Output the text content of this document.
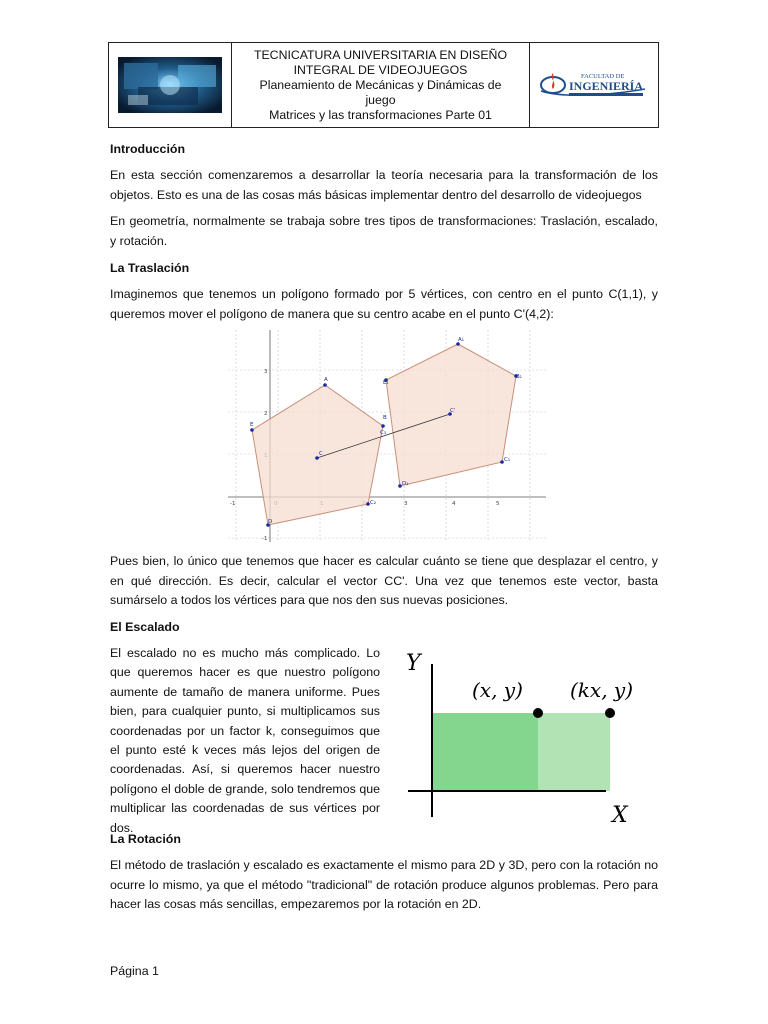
TECNICATURA UNIVERSITARIA EN DISEÑO
INTEGRAL DE VIDEOJUEGOS
Planeamiento de Mecánicas y Dinámicas de
juego
Matrices y las transformaciones Parte 01
FACULTAD DE
INGENIERÍA
Introducción
En esta sección comenzaremos a desarrollar la teoría necesaria para la transformación de los objetos. Esto es una de las cosas más básicas implementar dentro del desarrollo de videojuegos
En geometría, normalmente se trabaja sobre tres tipos de transformaciones: Traslación, escalado, y rotación.
La Traslación
Imaginemos que tenemos un polígono formado por 5 vértices, con centro en el punto C(1,1), y queremos mover el polígono de manera que su centro acabe en el punto C'(4,2):
-1	3	4	5
2
3
-1
E
A
B
C₂
D
C
A₁
B₁
C₁
D₁
E₁
C'
C₃
Pues bien, lo único que tenemos que hacer es calcular cuánto se tiene que desplazar el centro, y en qué dirección. Es decir, calcular el vector CC'. Una vez que tenemos este vector, basta sumárselo a todos los vértices para que nos den sus nuevas posiciones.
El Escalado
El escalado no es mucho más complicado. Lo que queremos hacer es que nuestro polígono aumente de tamaño de manera uniforme. Pues bien, para cualquier punto, si multiplicamos sus coordenadas por un factor k, conseguimos que el punto esté k veces más lejos del origen de coordenadas. Así, si queremos hacer nuestro polígono el doble de grande, solo tendremos que multiplicar las coordenadas de sus vértices por dos.
Y
X
(x, y) (kx, y)
La Rotación
El método de traslación y escalado es exactamente el mismo para 2D y 3D, pero con la rotación no ocurre lo mismo, ya que el método "tradicional" de rotación produce algunos problemas. Pero para hacer las cosas más sencillas, empezaremos por la rotación en 2D.
Página 1
